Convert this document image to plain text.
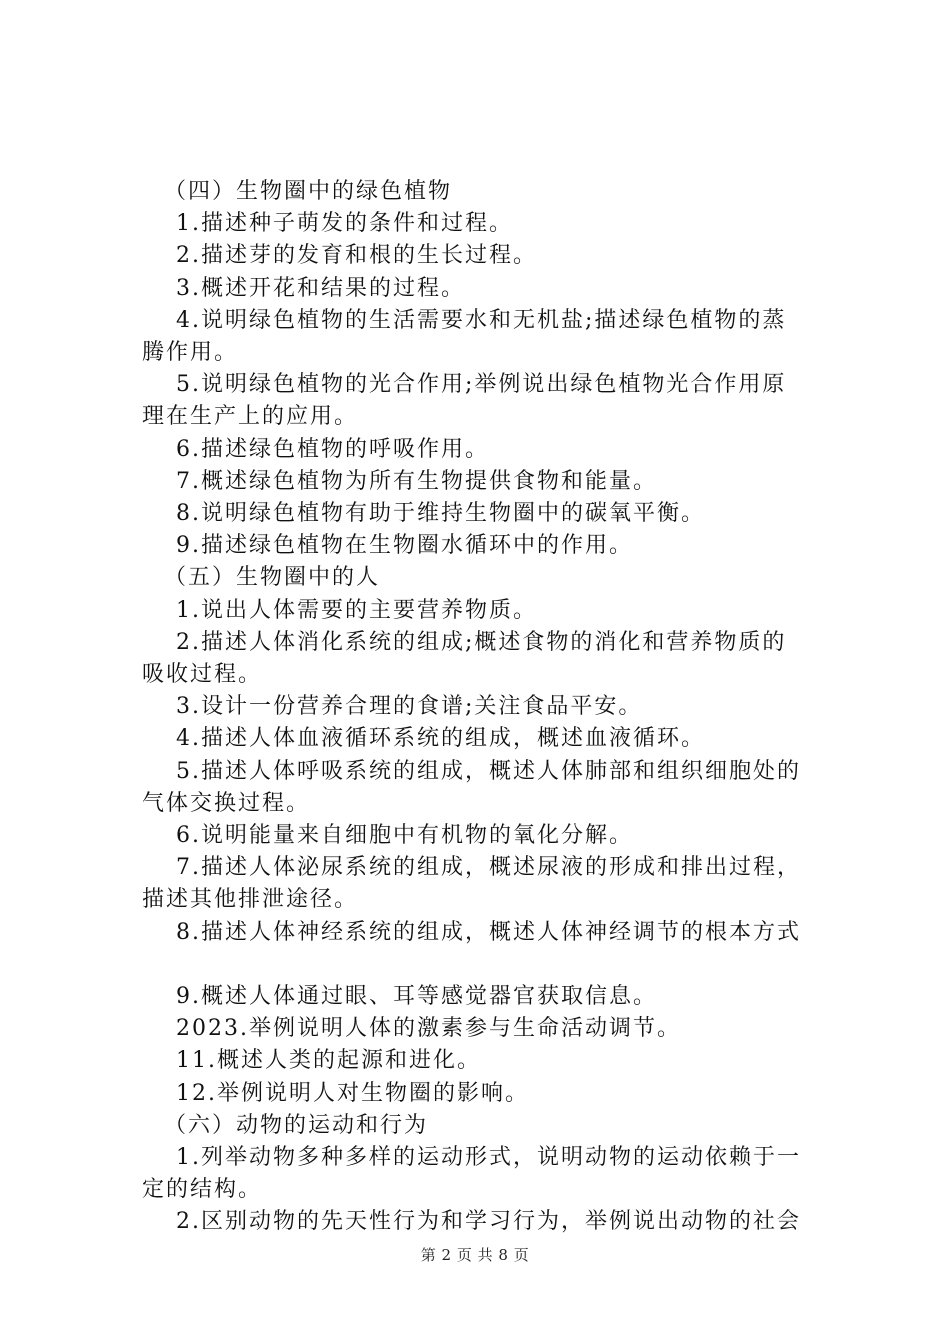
（四）生物圈中的绿色植物
1.描述种子萌发的条件和过程。
2.描述芽的发育和根的生长过程。
3.概述开花和结果的过程。
4.说明绿色植物的生活需要水和无机盐;描述绿色植物的蒸
腾作用。
5.说明绿色植物的光合作用;举例说出绿色植物光合作用原
理在生产上的应用。
6.描述绿色植物的呼吸作用。
7.概述绿色植物为所有生物提供食物和能量。
8.说明绿色植物有助于维持生物圈中的碳氧平衡。
9.描述绿色植物在生物圈水循环中的作用。
（五）生物圈中的人
1.说出人体需要的主要营养物质。
2.描述人体消化系统的组成;概述食物的消化和营养物质的
吸收过程。
3.设计一份营养合理的食谱;关注食品平安。
4.描述人体血液循环系统的组成，概述血液循环。
5.描述人体呼吸系统的组成，概述人体肺部和组织细胞处的
气体交换过程。
6.说明能量来自细胞中有机物的氧化分解。
7.描述人体泌尿系统的组成，概述尿液的形成和排出过程，
描述其他排泄途径。
8.描述人体神经系统的组成，概述人体神经调节的根本方式
9.概述人体通过眼、耳等感觉器官获取信息。
2023.举例说明人体的激素参与生命活动调节。
11.概述人类的起源和进化。
12.举例说明人对生物圈的影响。
（六）动物的运动和行为
1.列举动物多种多样的运动形式，说明动物的运动依赖于一
定的结构。
2.区别动物的先天性行为和学习行为，举例说出动物的社会
第 2 页 共 8 页
